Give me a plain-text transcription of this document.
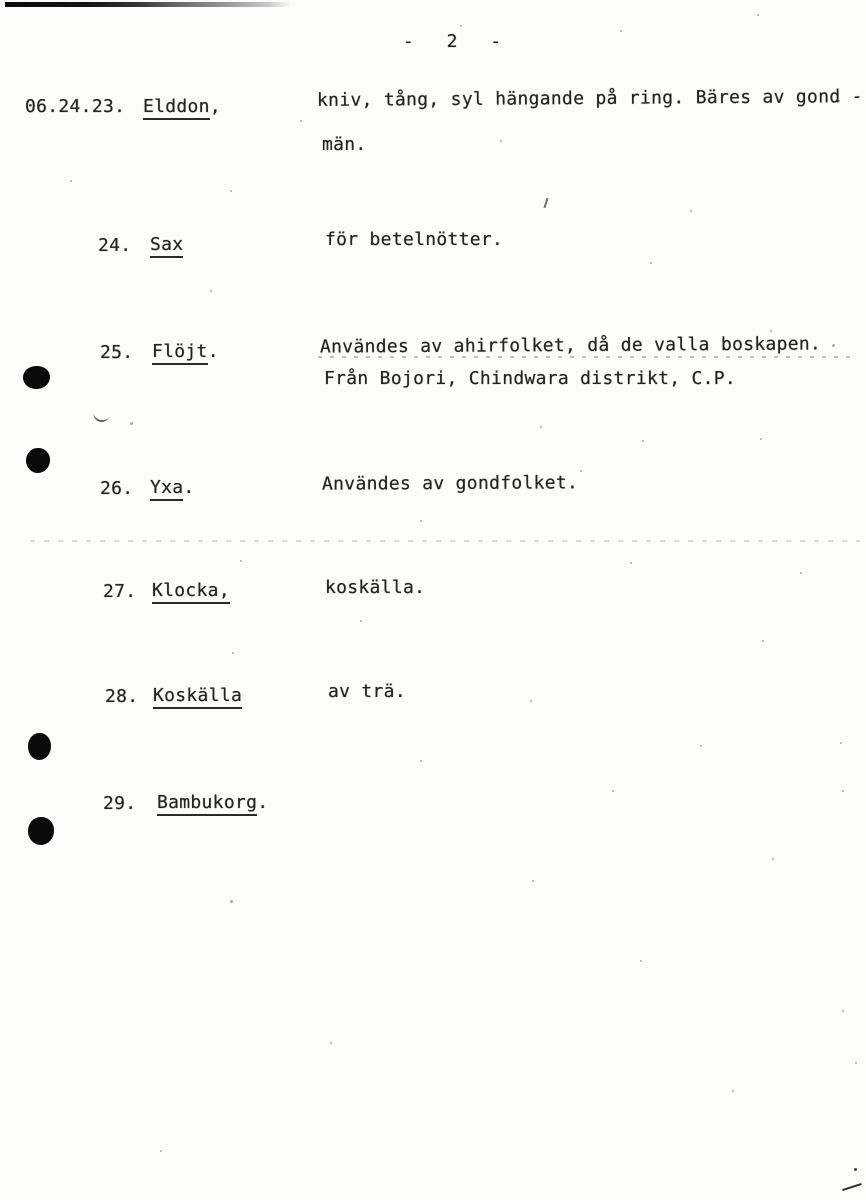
- 2 -
06.24.23. Elddon,	kniv, tång, syl hängande på ring. Bäres av gond -
män.
24. Sax	för betelnötter.
25. Flöjt.	Användes av ahirfolket, då de valla boskapen.
Från Bojori, Chindwara distrikt, C.P.
26. Yxa.	Användes av gondfolket.
27. Klocka,	koskälla.
28. Koskälla	av trä.
29. Bambukorg.
